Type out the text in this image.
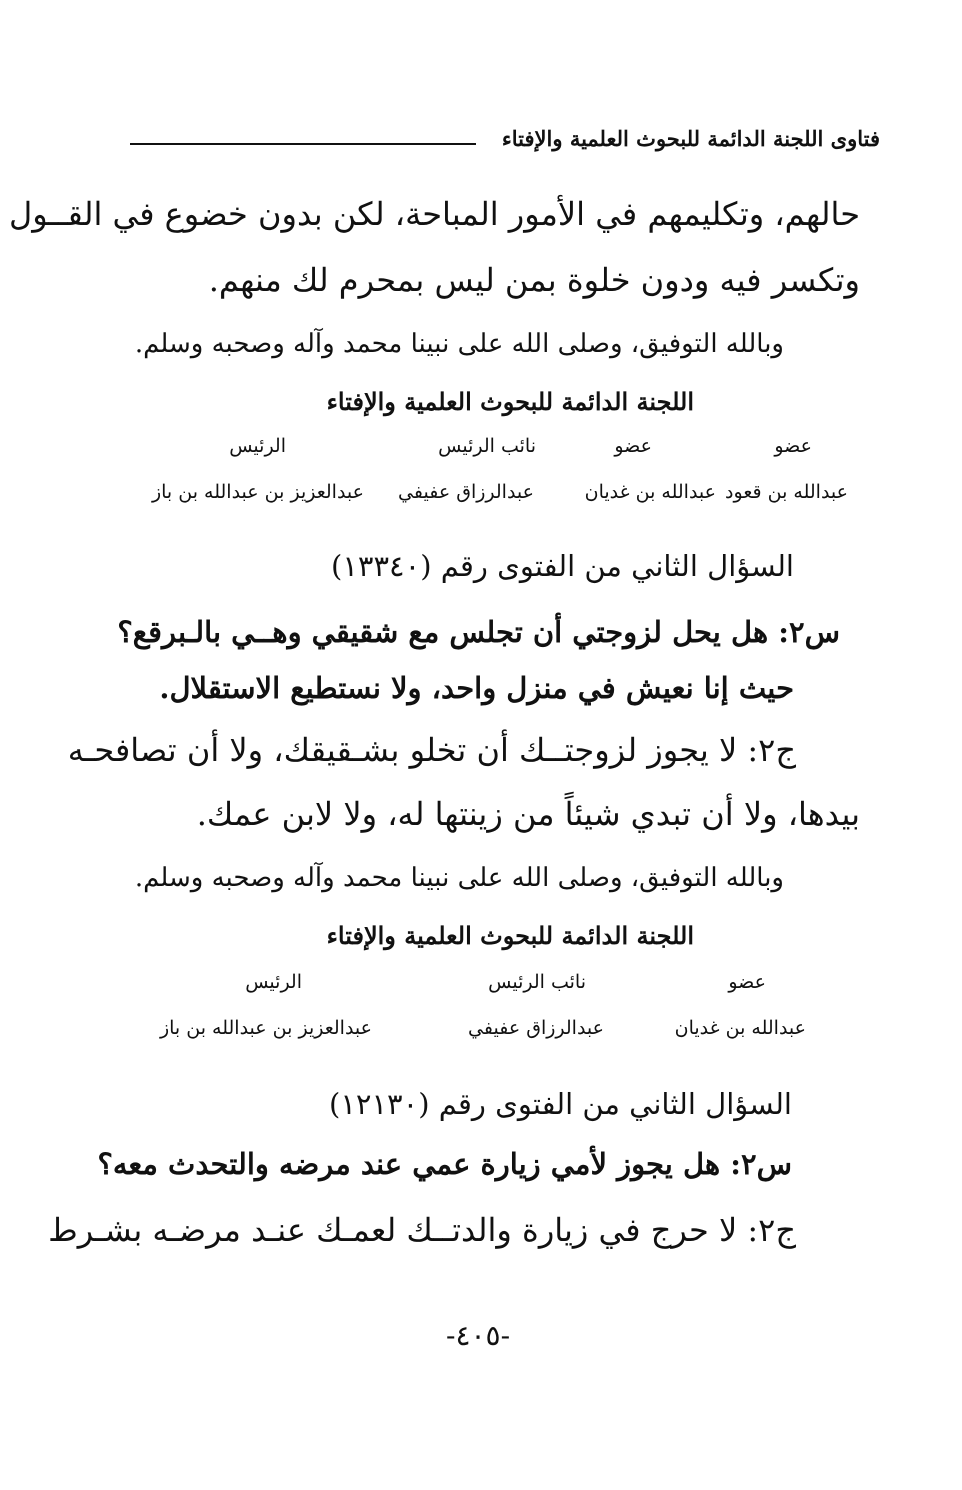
فتاوى اللجنة الدائمة للبحوث العلمية والإفتاء
حالهم، وتكليمهم في الأمور المباحة، لكن بدون خضوع في القــول
وتكسر فيه ودون خلوة بمن ليس بمحرم لك منهم.
وبالله التوفيق، وصلى الله على نبينا محمد وآله وصحبه وسلم.
اللجنة الدائمة للبحوث العلمية والإفتاء
عضو
عضو
نائب الرئيس
الرئيس
عبدالله بن قعود
عبدالله بن غديان
عبدالرزاق عفيفي
عبدالعزيز بن عبدالله بن باز
السؤال الثاني من الفتوى رقم (١٣٣٤٠)
س٢: هل يحل لزوجتي أن تجلس مع شقيقي وهــي بالـبرقع؟
حيث إنا نعيش في منزل واحد، ولا نستطيع الاستقلال.
ج٢: لا يجوز لزوجتــك أن تخلو بشـقيقك، ولا أن تصافحـه
بيدها، ولا أن تبدي شيئاً من زينتها له، ولا لابن عمك.
وبالله التوفيق، وصلى الله على نبينا محمد وآله وصحبه وسلم.
اللجنة الدائمة للبحوث العلمية والإفتاء
عضو
نائب الرئيس
الرئيس
عبدالله بن غديان
عبدالرزاق عفيفي
عبدالعزيز بن عبدالله بن باز
السؤال الثاني من الفتوى رقم (١٢١٣٠)
س٢: هل يجوز لأمي زيارة عمي عند مرضه والتحدث معه؟
ج٢: لا حرج في زيارة والدتــك لعمـك عنـد مرضـه بشـرط
-٤٠٥-
